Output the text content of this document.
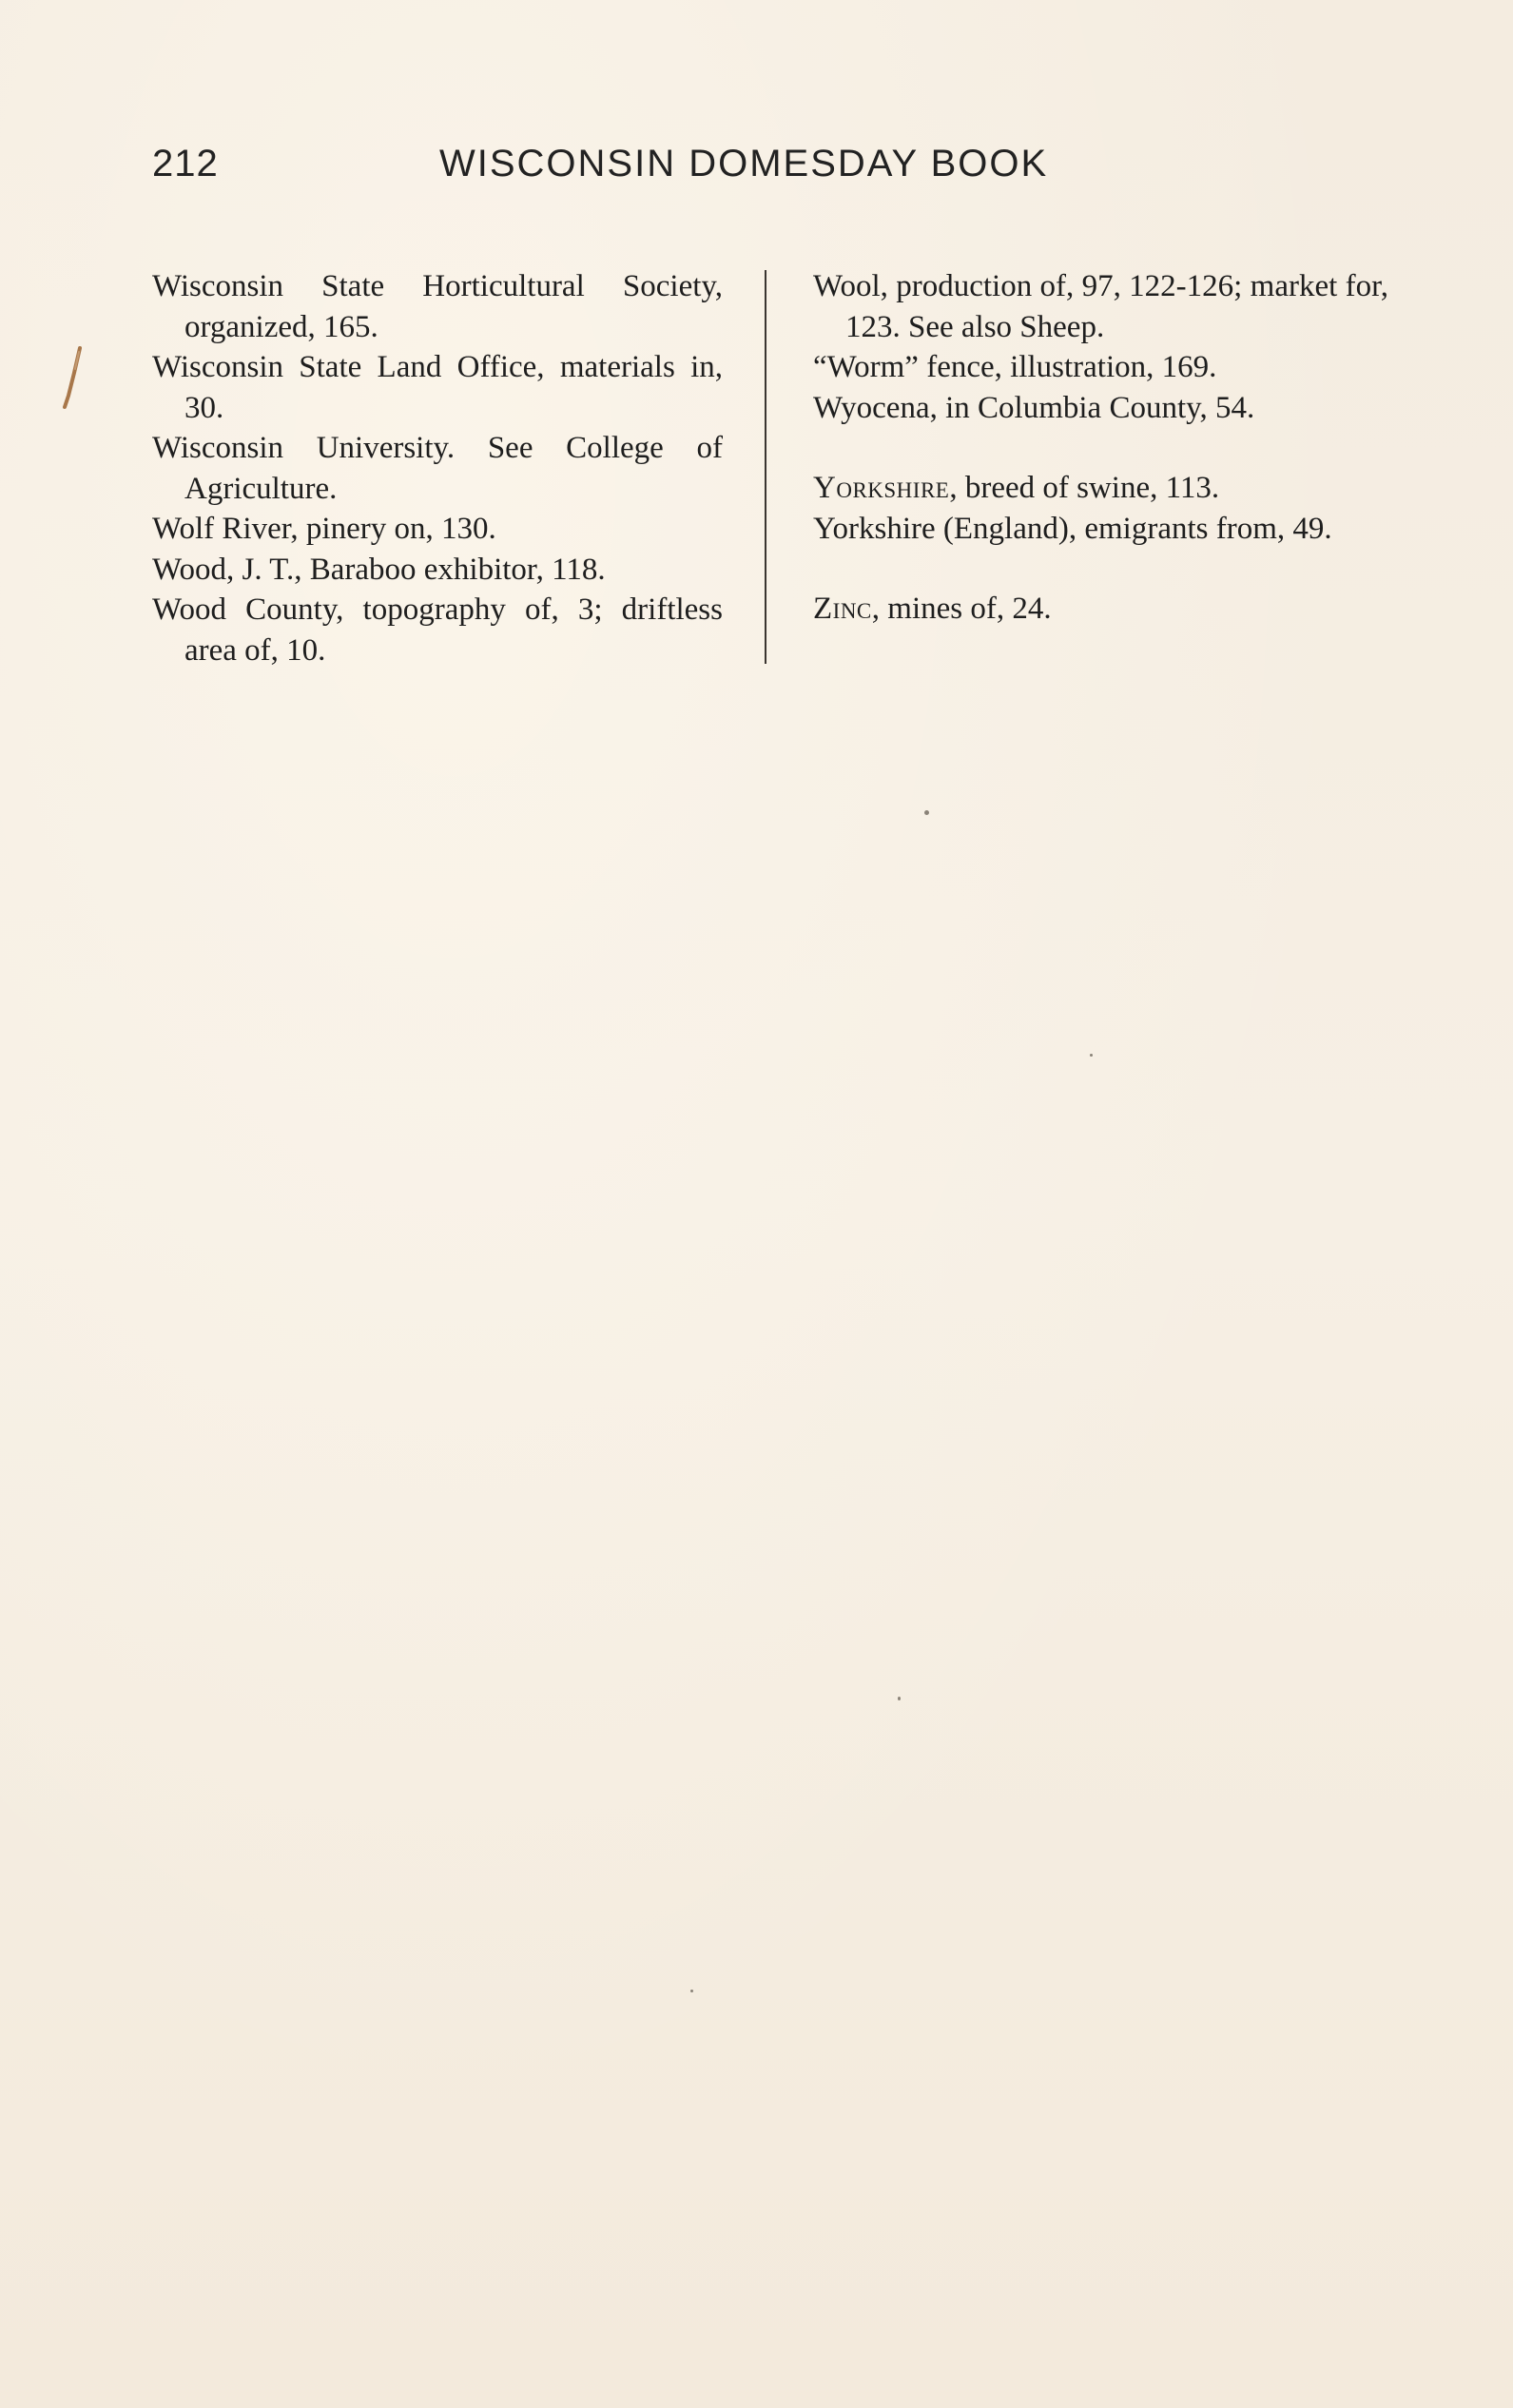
212	WISCONSIN DOMESDAY BOOK

Wisconsin State Horticultural Society, organized, 165.

Wisconsin State Land Office, materials in, 30.

Wisconsin University. See College of Agriculture.

Wolf River, pinery on, 130.

Wood, J. T., Baraboo exhibitor, 118.

Wood County, topography of, 3; driftless area of, 10.

Wool, production of, 97, 122-126; market for, 123. See also Sheep.

“Worm” fence, illustration, 169.

Wyocena, in Columbia County, 54.

Yorkshire, breed of swine, 113.

Yorkshire (England), emigrants from, 49.

Zinc, mines of, 24.
